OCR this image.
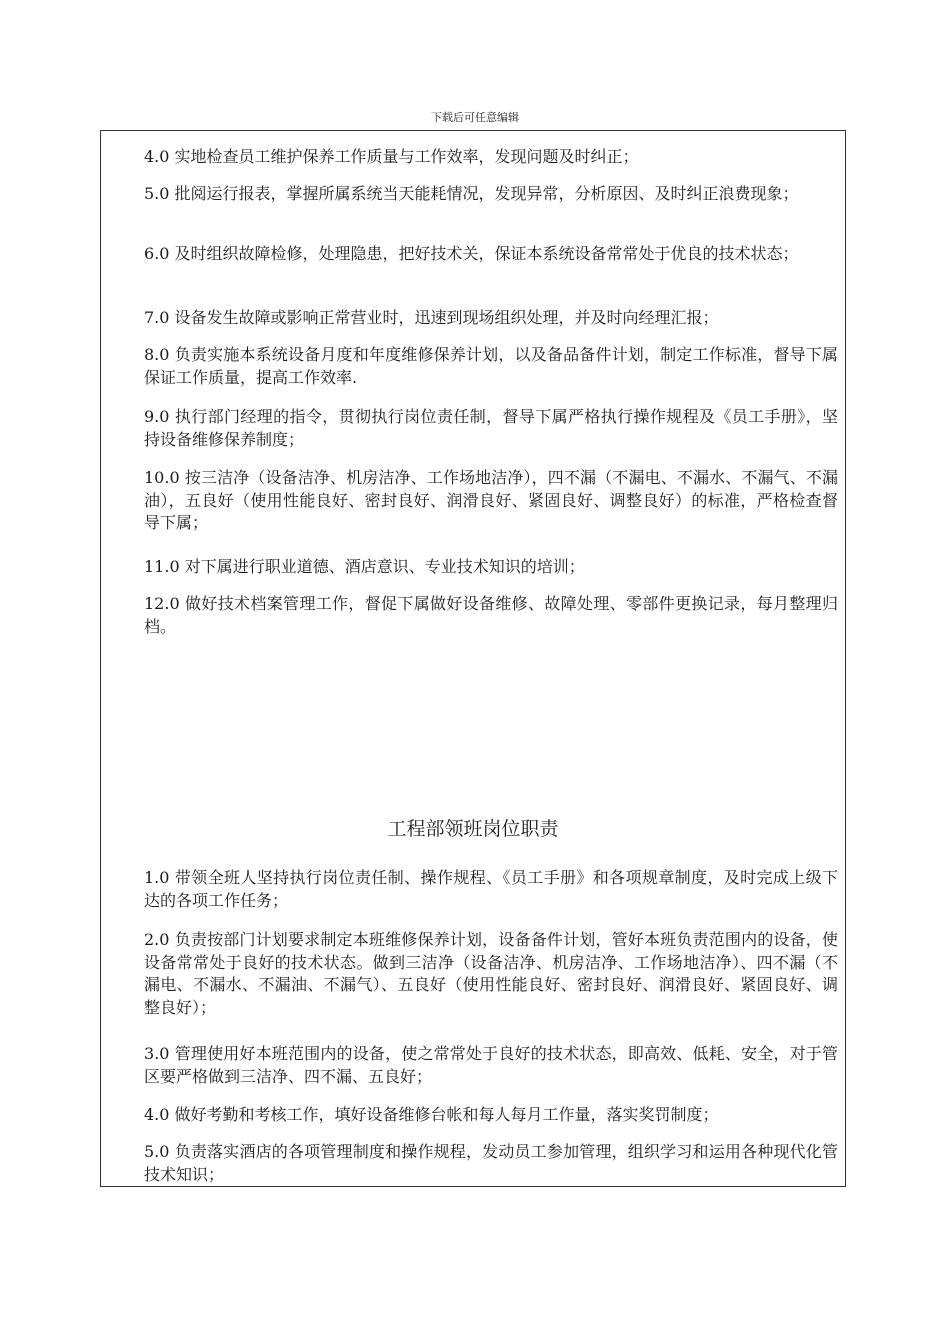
下载后可任意编辑

4.0 实地检查员工维护保养工作质量与工作效率，发现问题及时纠正；

5.0 批阅运行报表，掌握所属系统当天能耗情况，发现异常，分析原因、及时纠正浪费现象；

6.0 及时组织故障检修，处理隐患，把好技术关，保证本系统设备常常处于优良的技术状态；

7.0 设备发生故障或影响正常营业时，迅速到现场组织处理，并及时向经理汇报；

8.0 负责实施本系统设备月度和年度维修保养计划，以及备品备件计划，制定工作标准，督导下属保证工作质量，提高工作效率.

9.0 执行部门经理的指令，贯彻执行岗位责任制，督导下属严格执行操作规程及《员工手册》，坚持设备维修保养制度；

10.0 按三洁净（设备洁净、机房洁净、工作场地洁净），四不漏（不漏电、不漏水、不漏气、不漏油），五良好（使用性能良好、密封良好、润滑良好、紧固良好、调整良好）的标准，严格检查督导下属；

11.0 对下属进行职业道德、酒店意识、专业技术知识的培训；

12.0 做好技术档案管理工作，督促下属做好设备维修、故障处理、零部件更换记录，每月整理归档。

工程部领班岗位职责

1.0 带领全班人坚持执行岗位责任制、操作规程、《员工手册》和各项规章制度，及时完成上级下达的各项工作任务；

2.0 负责按部门计划要求制定本班维修保养计划，设备备件计划，管好本班负责范围内的设备，使设备常常处于良好的技术状态。做到三洁净（设备洁净、机房洁净、工作场地洁净）、四不漏（不漏电、不漏水、不漏油、不漏气）、五良好（使用性能良好、密封良好、润滑良好、紧固良好、调整良好）；

3.0 管理使用好本班范围内的设备，使之常常处于良好的技术状态，即高效、低耗、安全，对于管区要严格做到三洁净、四不漏、五良好；

4.0 做好考勤和考核工作，填好设备维修台帐和每人每月工作量，落实奖罚制度；

5.0 负责落实酒店的各项管理制度和操作规程，发动员工参加管理，组织学习和运用各种现代化管技术知识；
